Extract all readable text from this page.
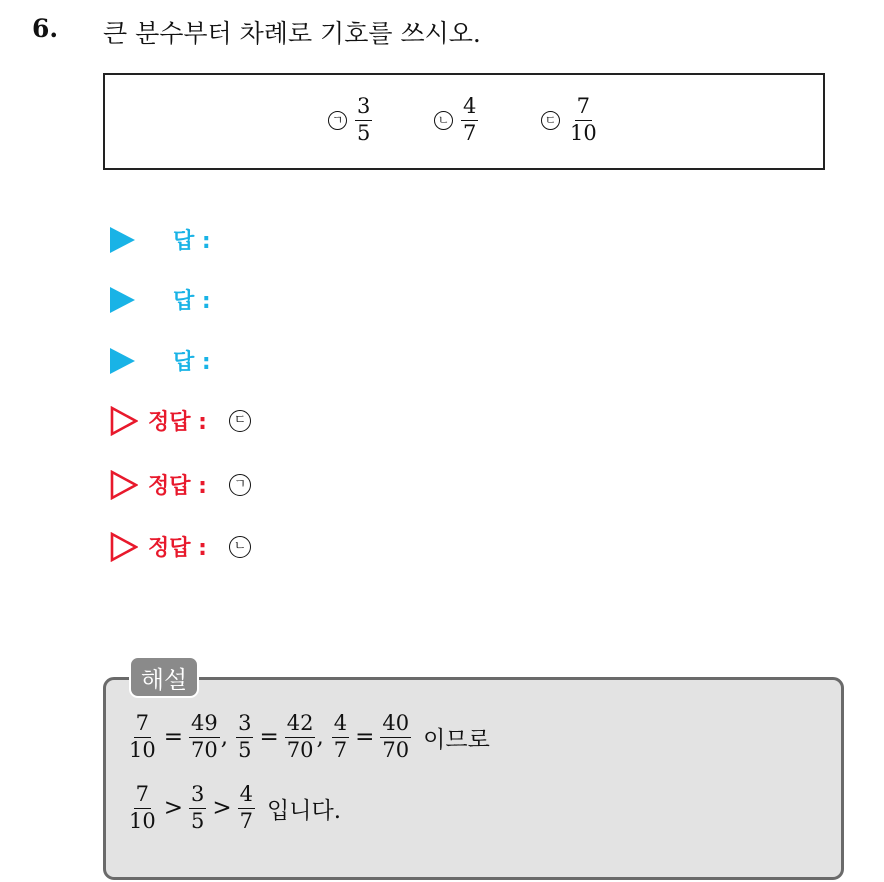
6. 큰 분수부터 차례로 기호를 쓰시오.
ㄱ $\frac{3}{5}$	ㄴ $\frac{4}{7}$	ㄷ $\frac{7}{10}$
답 :
답 :
답 :
정답 :	ㄷ
정답 :	ㄱ
정답 :	ㄴ
해설
$\frac{7}{10} = \frac{49}{70}$ , $\frac{3}{5} = \frac{42}{70}$ , $\frac{4}{7} = \frac{40}{70}$ 이므로
$\frac{7}{10} > \frac{3}{5} > \frac{4}{7}$ 입니다.
